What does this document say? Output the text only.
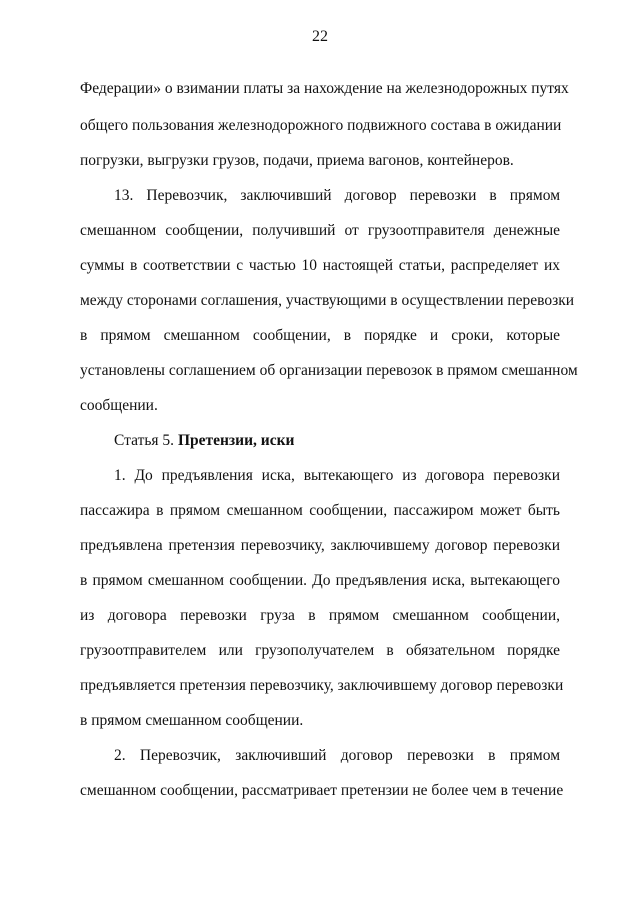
22
Федерации» о взимании платы за нахождение на железнодорожных путях
общего пользования железнодорожного подвижного состава в ожидании
погрузки, выгрузки грузов, подачи, приема вагонов, контейнеров.
13. Перевозчик, заключивший договор перевозки в прямом
смешанном сообщении, получивший от грузоотправителя денежные
суммы в соответствии с частью 10 настоящей статьи, распределяет их
между сторонами соглашения, участвующими в осуществлении перевозки
в прямом смешанном сообщении, в порядке и сроки, которые
установлены соглашением об организации перевозок в прямом смешанном
сообщении.
Статья 5. Претензии, иски
1. До предъявления иска, вытекающего из договора перевозки
пассажира в прямом смешанном сообщении, пассажиром может быть
предъявлена претензия перевозчику, заключившему договор перевозки
в прямом смешанном сообщении. До предъявления иска, вытекающего
из договора перевозки груза в прямом смешанном сообщении,
грузоотправителем или грузополучателем в обязательном порядке
предъявляется претензия перевозчику, заключившему договор перевозки
в прямом смешанном сообщении.
2. Перевозчик, заключивший договор перевозки в прямом
смешанном сообщении, рассматривает претензии не более чем в течение
